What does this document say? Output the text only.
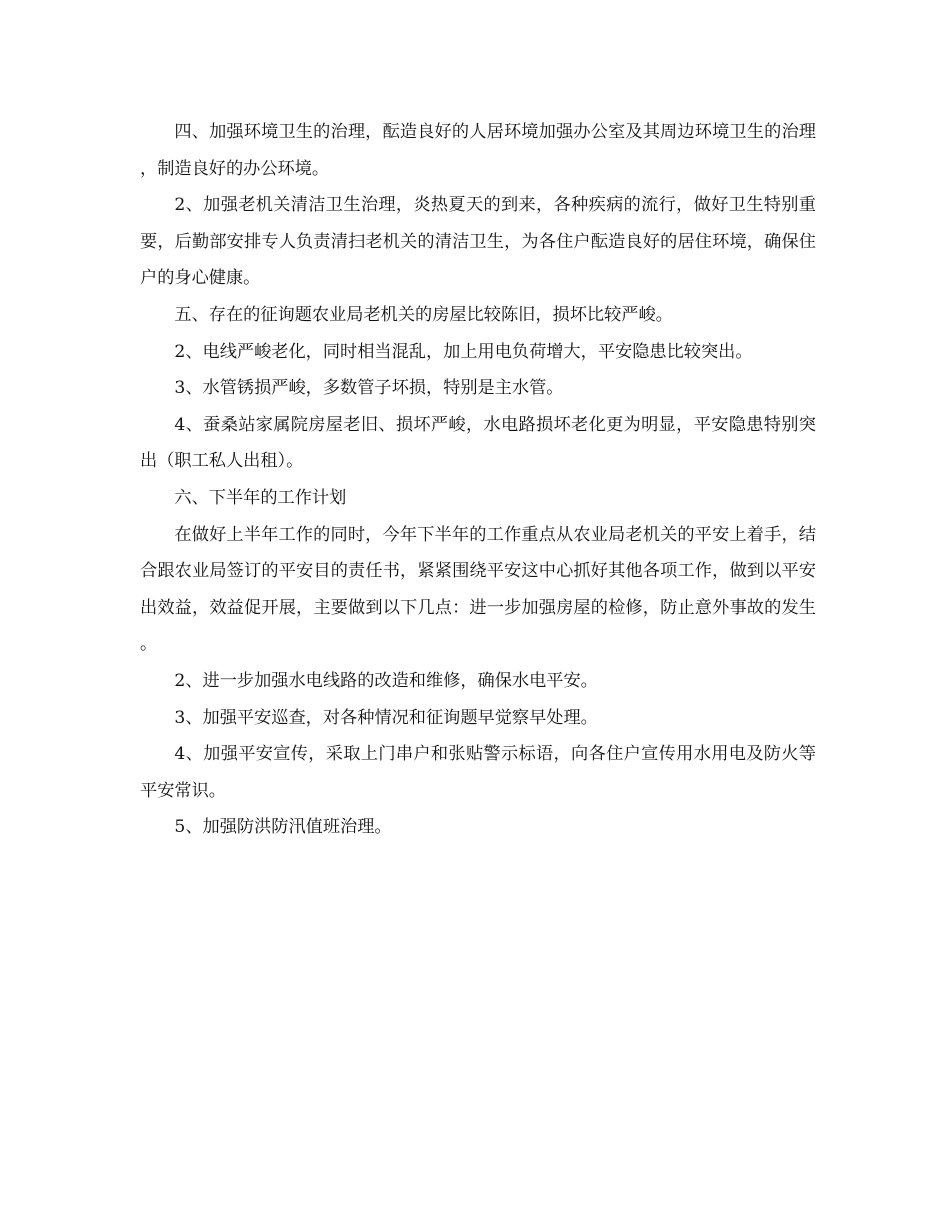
四、加强环境卫生的治理，酝造良好的人居环境加强办公室及其周边环境卫生的治理，制造良好的办公环境。

2、加强老机关清洁卫生治理，炎热夏天的到来，各种疾病的流行，做好卫生特别重要，后勤部安排专人负责清扫老机关的清洁卫生，为各住户酝造良好的居住环境，确保住户的身心健康。

五、存在的征询题农业局老机关的房屋比较陈旧，损坏比较严峻。

2、电线严峻老化，同时相当混乱，加上用电负荷增大，平安隐患比较突出。

3、水管锈损严峻，多数管子坏损，特别是主水管。

4、蚕桑站家属院房屋老旧、损坏严峻，水电路损坏老化更为明显，平安隐患特别突出（职工私人出租）。

六、下半年的工作计划

在做好上半年工作的同时，今年下半年的工作重点从农业局老机关的平安上着手，结合跟农业局签订的平安目的责任书，紧紧围绕平安这中心抓好其他各项工作，做到以平安出效益，效益促开展，主要做到以下几点：进一步加强房屋的检修，防止意外事故的发生。

2、进一步加强水电线路的改造和维修，确保水电平安。

3、加强平安巡查，对各种情况和征询题早觉察早处理。

4、加强平安宣传，采取上门串户和张贴警示标语，向各住户宣传用水用电及防火等平安常识。

5、加强防洪防汛值班治理。
